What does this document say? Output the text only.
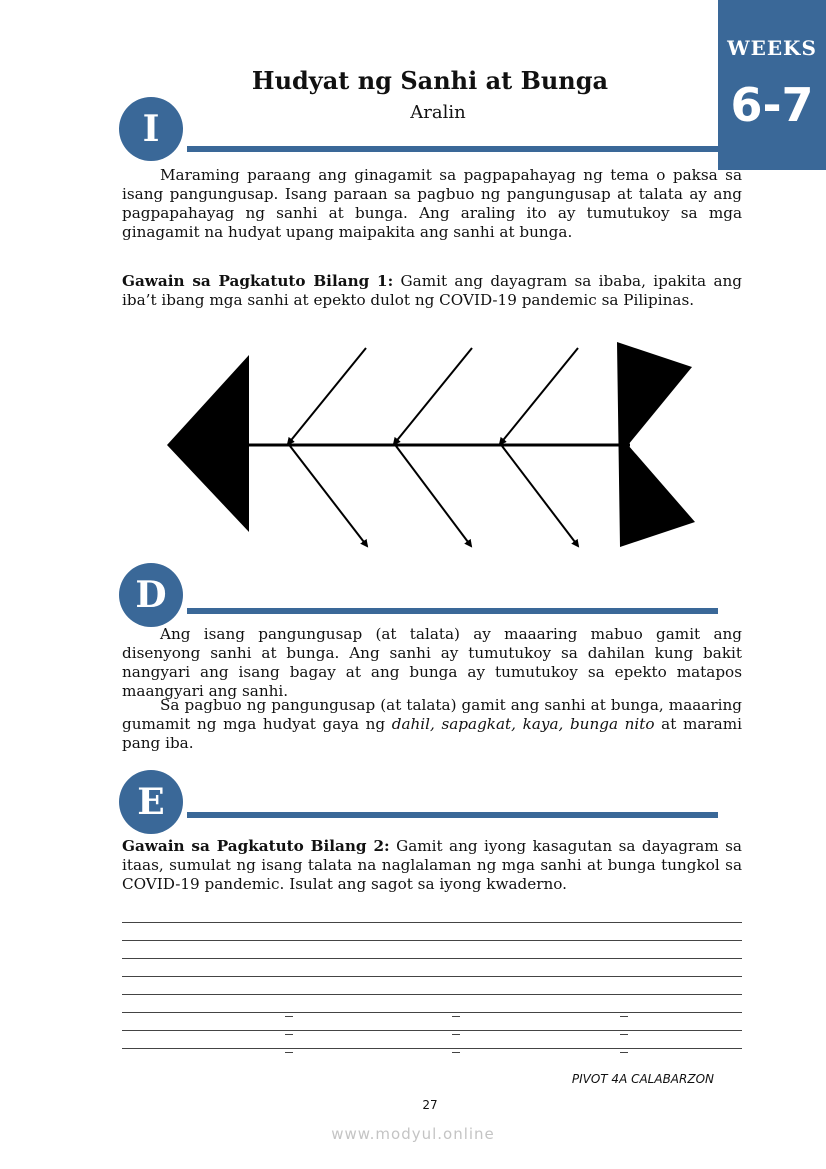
WEEKS
6-7
Hudyat ng Sanhi at Bunga
Aralin
I

Maraming paraang ang ginagamit sa pagpapahayag ng tema o paksa sa isang pangungusap. Isang paraan sa pagbuo ng pangungusap at talata ay ang pagpapahayag ng sanhi at bunga. Ang araling ito ay tumutukoy sa mga ginagamit na hudyat upang maipakita ang sanhi at bunga.

Gawain sa Pagkatuto Bilang 1: Gamit ang dayagram sa ibaba, ipakita ang iba’t ibang mga sanhi at epekto dulot ng COVID-19 pandemic sa Pilipinas.

D

Ang isang pangungusap (at talata) ay maaaring mabuo gamit ang disenyong sanhi at bunga. Ang sanhi ay tumutukoy sa dahilan kung bakit nangyari ang isang bagay at ang bunga ay tumutukoy sa epekto matapos maangyari ang sanhi.

Sa pagbuo ng pangungusap (at talata) gamit ang sanhi at bunga, maaaring gumamit ng mga hudyat gaya ng dahil, sapagkat, kaya, bunga nito at marami pang iba.

E

Gawain sa Pagkatuto Bilang 2: Gamit ang iyong kasagutan sa dayagram sa itaas, sumulat ng isang talata na naglalaman ng mga sanhi at bunga tungkol sa COVID-19 pandemic. Isulat ang sagot sa iyong kwaderno.

PIVOT 4A CALABARZON
27
www.modyul.online
